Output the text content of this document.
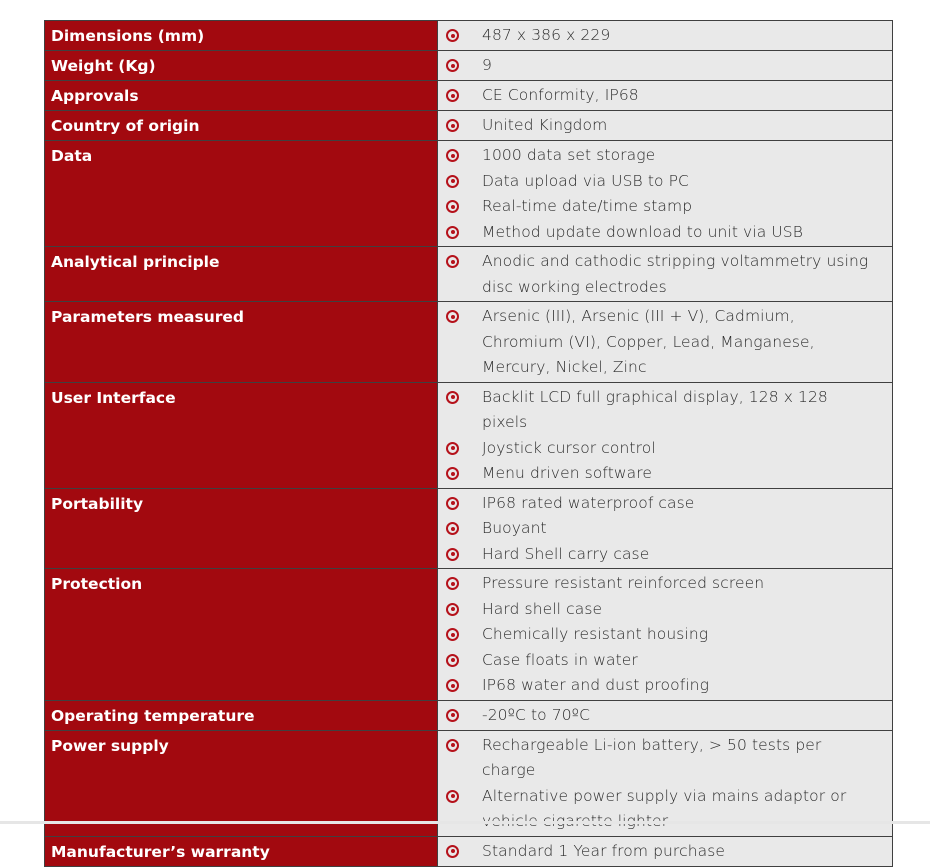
Dimensions (mm)	487 x 386 x 229

Weight (Kg)	9

Approvals	CE Conformity, IP68

Country of origin	United Kingdom

Data	1000 data set storage
Data upload via USB to PC
Real-time date/time stamp
Method update download to unit via USB

Analytical principle	Anodic and cathodic stripping voltammetry using disc working electrodes

Parameters measured	Arsenic (III), Arsenic (III + V), Cadmium, Chromium (VI), Copper, Lead, Manganese, Mercury, Nickel, Zinc

User Interface	Backlit LCD full graphical display, 128 x 128 pixels
Joystick cursor control
Menu driven software

Portability	IP68 rated waterproof case
Buoyant
Hard Shell carry case

Protection	Pressure resistant reinforced screen
Hard shell case
Chemically resistant housing
Case floats in water
IP68 water and dust proofing

Operating temperature	-20ºC to 70ºC

Power supply	Rechargeable Li-ion battery, > 50 tests per charge
Alternative power supply via mains adaptor or

Manufacturer’s warranty	Standard 1 Year from purchase
